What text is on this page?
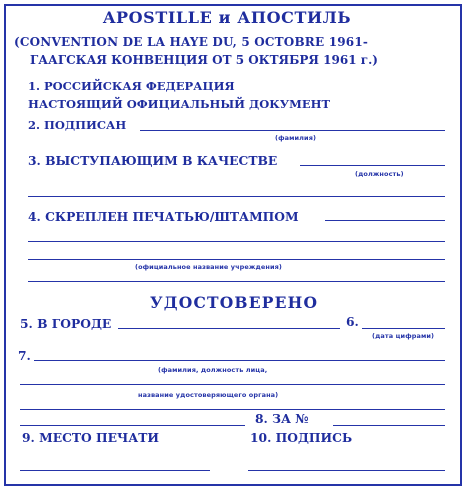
APOSTILLE и АПОСТИЛЬ
(CONVENTION DE LA HAYE DU, 5 OCTOBRE 1961-
ГААГСКАЯ КОНВЕНЦИЯ ОТ 5 ОКТЯБРЯ 1961 г.)
1. РОССИЙСКАЯ ФЕДЕРАЦИЯ
НАСТОЯЩИЙ ОФИЦИАЛЬНЫЙ ДОКУМЕНТ
2. ПОДПИСАН
(фамилия)
3. ВЫСТУПАЮЩИМ В КАЧЕСТВЕ
(должность)
4. СКРЕПЛЕН ПЕЧАТЬЮ/ШТАМПОМ
(официальное название учреждения)
УДОСТОВЕРЕНО
5. В ГОРОДЕ	6.
(дата цифрами)
7.
(фамилия, должность лица,
название удостоверяющего органа)
8. ЗА №
9. МЕСТО ПЕЧАТИ	10. ПОДПИСЬ
